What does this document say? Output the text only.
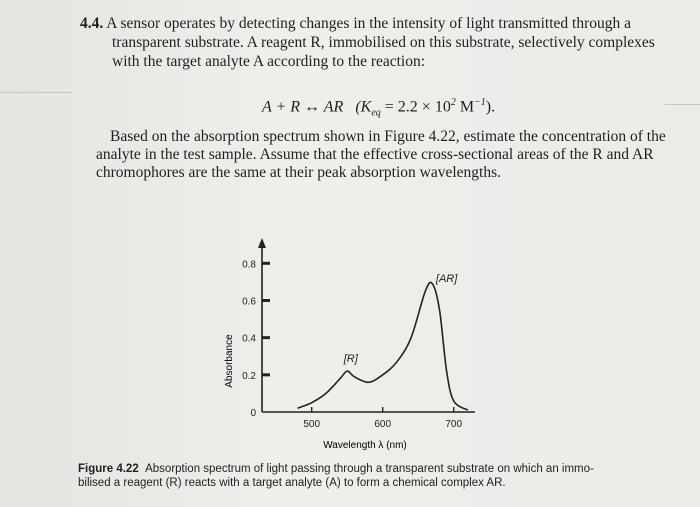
4.4. A sensor operates by detecting changes in the intensity of light transmitted through a

transparent substrate. A reagent R, immobilised on this substrate, selectively complexes
with the target analyte A according to the reaction:
A + R ↔ AR ($K_{eq} = 2.2 \times 10^2$ $M^{-1}$).
Based on the absorption spectrum shown in Figure 4.22, estimate the concentration of the
analyte in the test sample. Assume that the effective cross-sectional areas of the R and AR
chromophores are the same at their peak absorption wavelengths.
Absorbance
Wavelength λ (nm)
0
0.2
0.4
0.6
0.8
500	600	700
[R]
[AR]
Figure 4.22 Absorption spectrum of light passing through a transparent substrate on which an immo-
bilised a reagent (R) reacts with a target analyte (A) to form a chemical complex AR.
